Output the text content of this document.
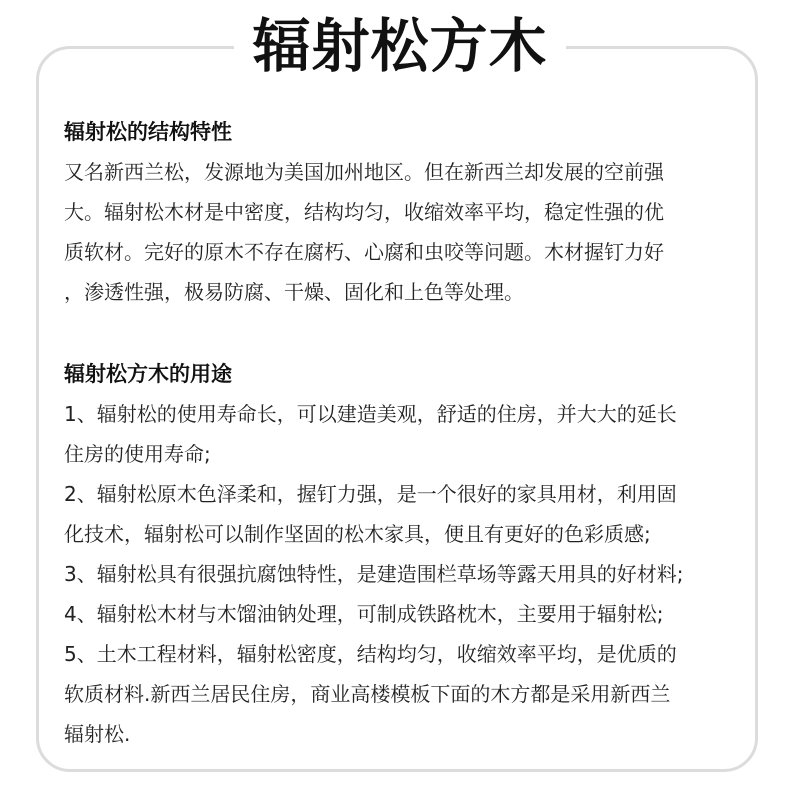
辐射松方木

辐射松的结构特性

又名新西兰松，发源地为美国加州地区。但在新西兰却发展的空前强
大。辐射松木材是中密度，结构均匀，收缩效率平均，稳定性强的优
质软材。完好的原木不存在腐朽、心腐和虫咬等问题。木材握钉力好
，渗透性强，极易防腐、干燥、固化和上色等处理。

辐射松方木的用途

1、辐射松的使用寿命长，可以建造美观，舒适的住房，并大大的延长
住房的使用寿命;

2、辐射松原木色泽柔和，握钉力强，是一个很好的家具用材，利用固
化技术，辐射松可以制作坚固的松木家具，便且有更好的色彩质感;

3、辐射松具有很强抗腐蚀特性，是建造围栏草场等露天用具的好材料;

4、辐射松木材与木馏油钠处理，可制成铁路枕木，主要用于辐射松;

5、土木工程材料，辐射松密度，结构均匀，收缩效率平均，是优质的
软质材料.新西兰居民住房，商业高楼模板下面的木方都是采用新西兰
辐射松.
